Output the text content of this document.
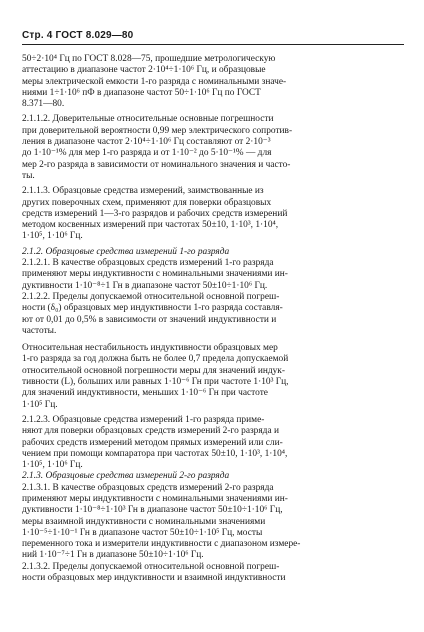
Стр. 4 ГОСТ 8.029—80

50÷2·10⁴ Гц по ГОСТ 8.028—75, прошедшие метрологическую
аттестацию в диапазоне частот 2·10⁴÷1·10⁶ Гц, и образцовые
меры электрической емкости 1-го разряда с номинальными значе-
ниями 1÷1·10⁶ пФ в диапазоне частот 50÷1·10⁶ Гц по ГОСТ
8.371—80.

2.1.1.2. Доверительные относительные основные погрешности
при доверительной вероятности 0,99 мер электрического сопротив-
ления в диапазоне частот 2·10⁴÷1·10⁶ Гц составляют от 2·10⁻³
до 1·10⁻¹% для мер 1-го разряда и от 1·10⁻² до 5·10⁻¹% — для
мер 2-го разряда в зависимости от номинального значения и часто-
ты.

2.1.1.3. Образцовые средства измерений, заимствованные из
других поверочных схем, применяют для поверки образцовых
средств измерений 1—3-го разрядов и рабочих средств измерений
методом косвенных измерений при частотах 50±10, 1·10³, 1·10⁴,
1·10⁵, 1·10⁶ Гц.

2.1.2. Образцовые средства измерений 1-го разряда

2.1.2.1. В качестве образцовых средств измерений 1-го разряда
применяют меры индуктивности с номинальными значениями ин-
дуктивности 1·10⁻⁸÷1 Гн в диапазоне частот 50±10÷1·10⁶ Гц.

2.1.2.2. Пределы допускаемой относительной основной погреш-
ности (δ₀) образцовых мер индуктивности 1-го разряда составля-
ют от 0,01 до 0,5% в зависимости от значений индуктивности и
частоты.

Относительная нестабильность индуктивности образцовых мер
1-го разряда за год должна быть не более 0,7 предела допускаемой
относительной основной погрешности меры для значений индук-
тивности (L), больших или равных 1·10⁻⁶ Гн при частоте 1·10³ Гц,
для значений индуктивности, меньших 1·10⁻⁶ Гн при частоте
1·10⁵ Гц.

2.1.2.3. Образцовые средства измерений 1-го разряда приме-
няют для поверки образцовых средств измерений 2-го разряда и
рабочих средств измерений методом прямых измерений или сли-
чением при помощи компаратора при частотах 50±10, 1·10³, 1·10⁴,
1·10⁵, 1·10⁶ Гц.

2.1.3. Образцовые средства измерений 2-го разряда

2.1.3.1. В качестве образцовых средств измерений 2-го разряда
применяют меры индуктивности с номинальными значениями ин-
дуктивности 1·10⁻⁸÷1·10³ Гн в диапазоне частот 50±10÷1·10⁶ Гц,
меры взаимной индуктивности с номинальными значениями
1·10⁻⁵÷1·10⁻¹ Гн в диапазоне частот 50±10÷1·10⁵ Гц, мосты
переменного тока и измерители индуктивности с диапазоном измере-
ний 1·10⁻⁷÷1 Гн в диапазоне 50±10÷1·10⁶ Гц.

2.1.3.2. Пределы допускаемой относительной основной погреш-
ности образцовых мер индуктивности и взаимной индуктивности
